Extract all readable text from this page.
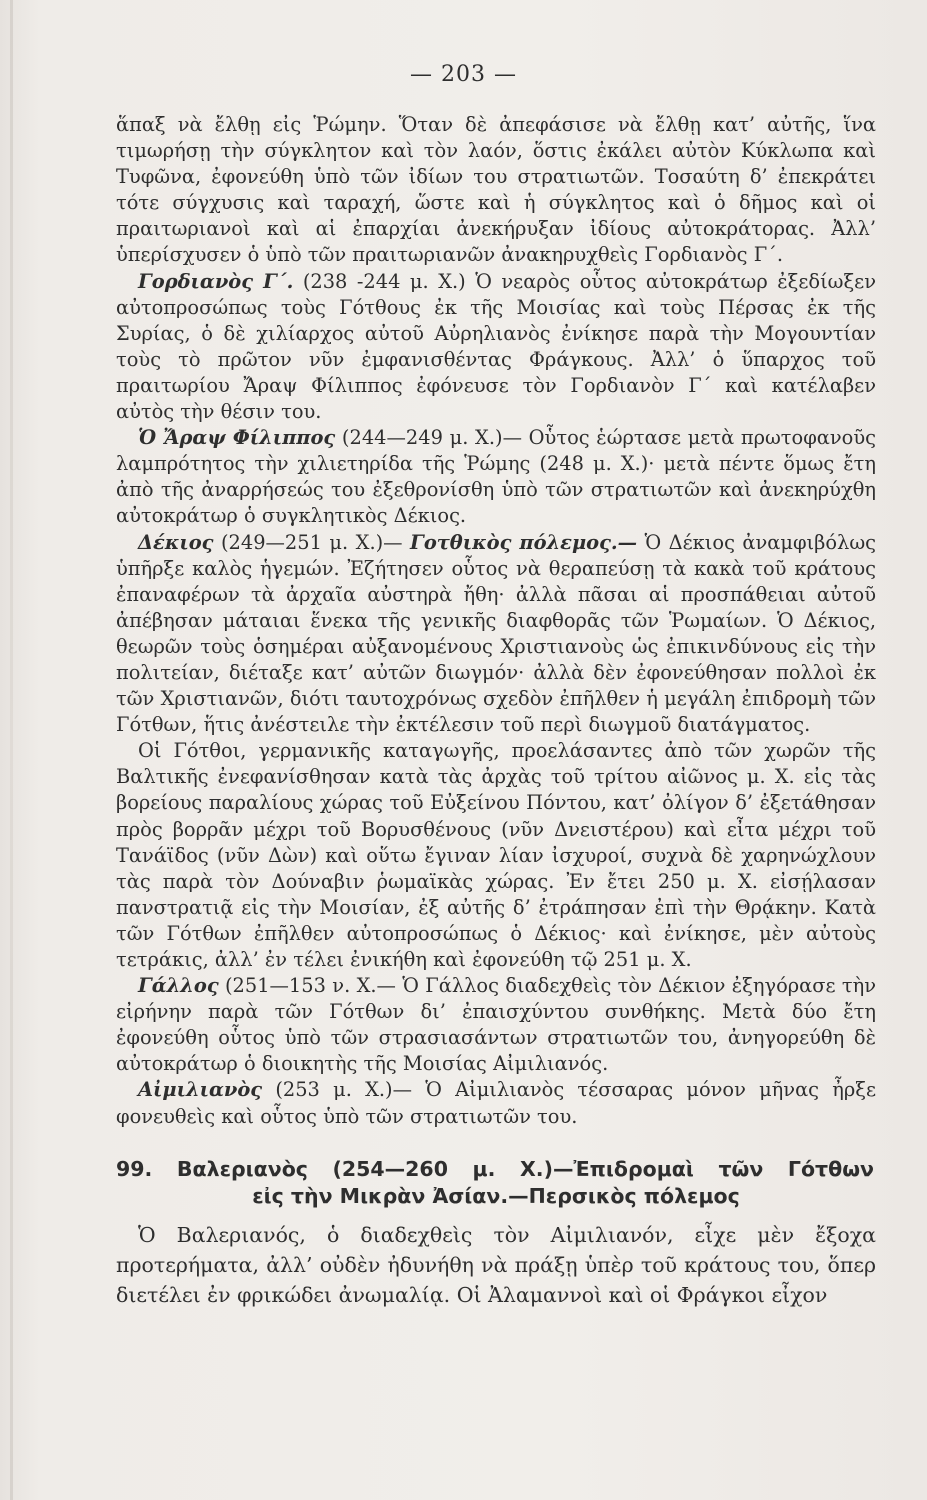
— 203 —

ἅπαξ νὰ ἔλθῃ εἰς Ῥώμην. Ὅταν δὲ ἀπεφάσισε νὰ ἔλθῃ κατ’ αὐτῆς, ἵνα τιμωρήσῃ τὴν σύγκλητον καὶ τὸν λαόν, ὅστις ἐκάλει αὐτὸν Κύκλωπα καὶ Τυφῶνα, ἐφονεύθη ὑπὸ τῶν ἰδίων του στρατιωτῶν. Τοσαύτη δ’ ἐπεκράτει τότε σύγχυσις καὶ ταραχή, ὥστε καὶ ἡ σύγκλητος καὶ ὁ δῆμος καὶ οἱ πραιτωριανοὶ καὶ αἱ ἐπαρχίαι ἀνεκήρυξαν ἰδίους αὐτοκράτορας. Ἀλλ’ ὑπερίσχυσεν ὁ ὑπὸ τῶν πραιτωριανῶν ἀνακηρυχθεὶς Γορδιανὸς Γ΄.

Γορδιανὸς Γ΄. (238 -244 μ. Χ.) Ὁ νεαρὸς οὗτος αὐτοκράτωρ ἐξεδίωξεν αὐτοπροσώπως τοὺς Γότθους ἐκ τῆς Μοισίας καὶ τοὺς Πέρσας ἐκ τῆς Συρίας, ὁ δὲ χιλίαρχος αὐτοῦ Αὐρηλιανὸς ἐνίκησε παρὰ τὴν Μογουντίαν τοὺς τὸ πρῶτον νῦν ἐμφανισθέντας Φράγκους. Ἀλλ’ ὁ ὕπαρχος τοῦ πραιτωρίου Ἄραψ Φίλιππος ἐφόνευσε τὸν Γορδιανὸν Γ΄ καὶ κατέλαβεν αὐτὸς τὴν θέσιν του.

Ὁ Ἄραψ Φίλιππος (244—249 μ. Χ.)— Οὗτος ἑώρτασε μετὰ πρωτοφανοῦς λαμπρότητος τὴν χιλιετηρίδα τῆς Ῥώμης (248 μ. Χ.)· μετὰ πέντε ὅμως ἔτη ἀπὸ τῆς ἀναρρήσεώς του ἐξεθρονίσθη ὑπὸ τῶν στρατιωτῶν καὶ ἀνεκηρύχθη αὐτοκράτωρ ὁ συγκλητικὸς Δέκιος.

Δέκιος (249—251 μ. Χ.)— Γοτθικὸς πόλεμος.— Ὁ Δέκιος ἀναμφιβόλως ὑπῆρξε καλὸς ἡγεμών. Ἐζήτησεν οὗτος νὰ θεραπεύσῃ τὰ κακὰ τοῦ κράτους ἐπαναφέρων τὰ ἀρχαῖα αὐστηρὰ ἤθη· ἀλλὰ πᾶσαι αἱ προσπάθειαι αὐτοῦ ἀπέβησαν μάταιαι ἕνεκα τῆς γενικῆς διαφθορᾶς τῶν Ῥωμαίων. Ὁ Δέκιος, θεωρῶν τοὺς ὁσημέραι αὐξανομένους Χριστιανοὺς ὡς ἐπικινδύνους εἰς τὴν πολιτείαν, διέταξε κατ’ αὐτῶν διωγμόν· ἀλλὰ δὲν ἐφονεύθησαν πολλοὶ ἐκ τῶν Χριστιανῶν, διότι ταυτοχρόνως σχεδὸν ἐπῆλθεν ἡ μεγάλη ἐπιδρομὴ τῶν Γότθων, ἥτις ἀνέστειλε τὴν ἐκτέλεσιν τοῦ περὶ διωγμοῦ διατάγματος.

Οἱ Γότθοι, γερμανικῆς καταγωγῆς, προελάσαντες ἀπὸ τῶν χωρῶν τῆς Βαλτικῆς ἐνεφανίσθησαν κατὰ τὰς ἀρχὰς τοῦ τρίτου αἰῶνος μ. Χ. εἰς τὰς βορείους παραλίους χώρας τοῦ Εὐξείνου Πόντου, κατ’ ὀλίγον δ’ ἐξετάθησαν πρὸς βορρᾶν μέχρι τοῦ Βορυσθένους (νῦν Δνειστέρου) καὶ εἶτα μέχρι τοῦ Τανάϊδος (νῦν Δὼν) καὶ οὕτω ἔγιναν λίαν ἰσχυροί, συχνὰ δὲ χαρηνώχλουν τὰς παρὰ τὸν Δούναβιν ῥωμαϊκὰς χώρας. Ἐν ἔτει 250 μ. Χ. εἰσῄλασαν πανστρατιᾷ εἰς τὴν Μοισίαν, ἐξ αὐτῆς δ’ ἐτράπησαν ἐπὶ τὴν Θρᾴκην. Κατὰ τῶν Γότθων ἐπῆλθεν αὐτοπροσώπως ὁ Δέκιος· καὶ ἐνίκησε, μὲν αὐτοὺς τετράκις, ἀλλ’ ἐν τέλει ἐνικήθη καὶ ἐφονεύθη τῷ 251 μ. Χ.

Γάλλος (251—153 ν. Χ.— Ὁ Γάλλος διαδεχθεὶς τὸν Δέκιον ἐξηγόρασε τὴν εἰρήνην παρὰ τῶν Γότθων δι’ ἐπαισχύντου συνθήκης. Μετὰ δύο ἔτη ἐφονεύθη οὗτος ὑπὸ τῶν στρασιασάντων στρατιωτῶν του, ἀνηγορεύθη δὲ αὐτοκράτωρ ὁ διοικητὴς τῆς Μοισίας Αἰμιλιανός.

Αἰμιλιανὸς (253 μ. Χ.)— Ὁ Αἰμιλιανὸς τέσσαρας μόνον μῆνας ἦρξε φονευθεὶς καὶ οὗτος ὑπὸ τῶν στρατιωτῶν του.

99. Βαλεριανὸς (254—260 μ. Χ.)—Ἐπιδρομαὶ τῶν Γότθων
εἰς τὴν Μικρὰν Ἀσίαν.—Περσικὸς πόλεμος

Ὁ Βαλεριανός, ὁ διαδεχθεὶς τὸν Αἰμιλιανόν, εἶχε μὲν ἔξοχα προτερήματα, ἀλλ’ οὐδὲν ἠδυνήθη νὰ πράξῃ ὑπὲρ τοῦ κράτους του, ὅπερ διετέλει ἐν φρικώδει ἀνωμαλίᾳ. Οἱ Ἀλαμαννοὶ καὶ οἱ Φράγκοι εἶχον
